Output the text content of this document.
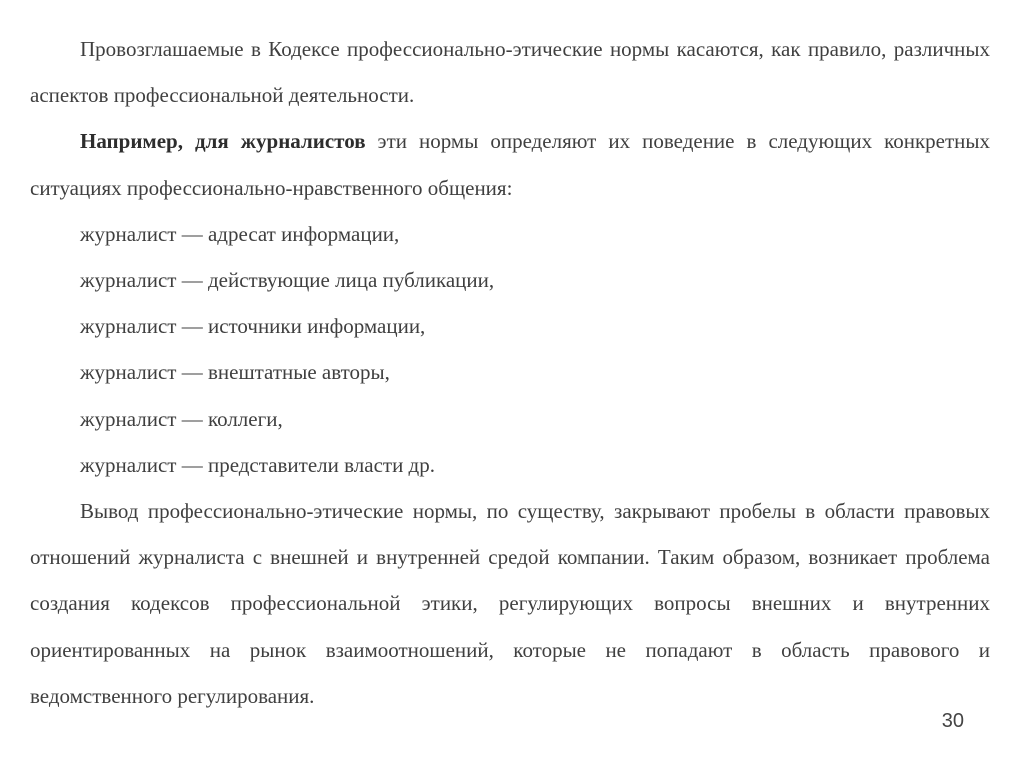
Провозглашаемые в Кодексе профессионально-этические нормы касаются, как правило, различных аспектов профессиональной деятельности.

Например, для журналистов эти нормы определяют их поведение в следующих конкретных ситуациях профессионально-нравственного общения:

журналист — адресат информации,

журналист — действующие лица публикации,

журналист — источники информации,

журналист — внештатные авторы,

журналист — коллеги,

журналист — представители власти др.

Вывод профессионально-этические нормы, по существу, закрывают пробелы в области правовых отношений журналиста с внешней и внутренней средой компании. Таким образом, возникает проблема создания кодексов профессиональной этики, регулирующих вопросы внешних и внутренних ориентированных на рынок взаимоотношений, которые не попадают в область правового и ведомственного регулирования.

30
